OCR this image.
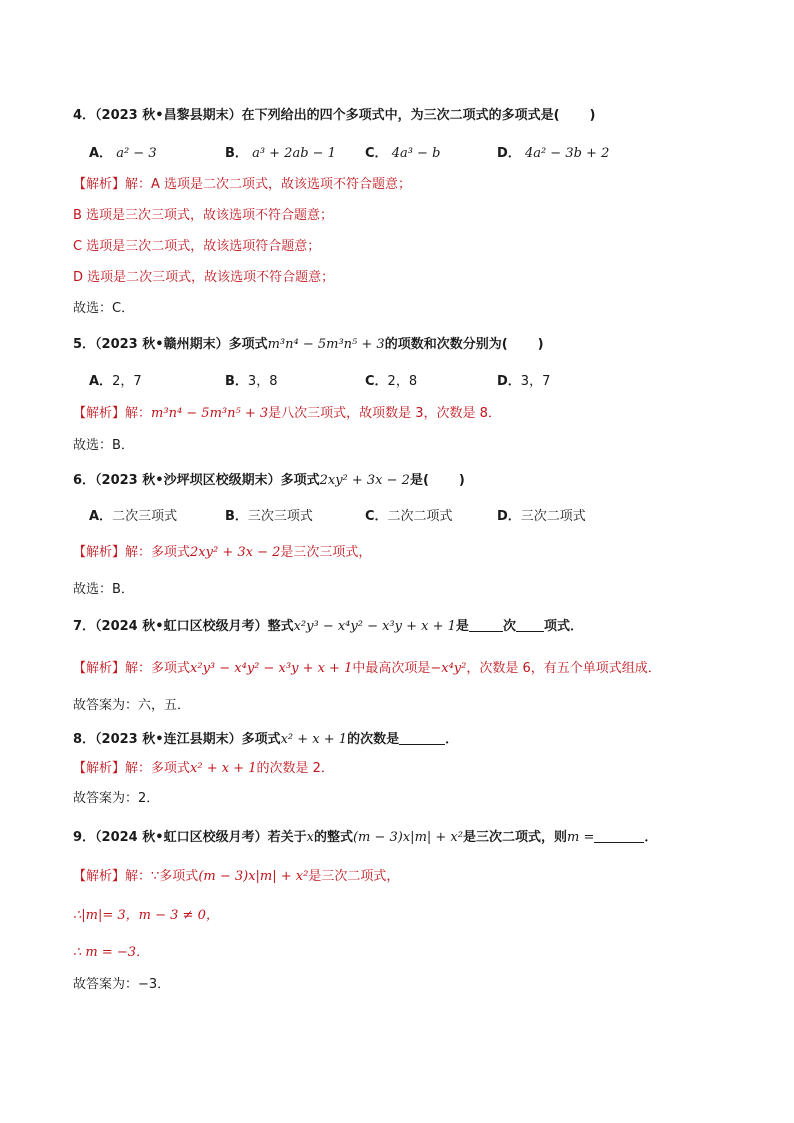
4．（2023 秋•昌黎县期末）在下列给出的四个多项式中，为三次二项式的多项式是( )
A． a² − 3	B． a³ + 2ab − 1 C． 4a³ − b	D． 4a² − 3b + 2
【解析】解：A 选项是二次二项式，故该选项不符合题意；
B 选项是三次三项式，故该选项不符合题意；
C 选项是三次二项式，故该选项符合题意；
D 选项是二次三项式，故该选项不符合题意；
故选：C．
5．（2023 秋•赣州期末）多项式m³n⁴ − 5m³n⁵ + 3的项数和次数分别为( )
A．2，7	B．3，8	C．2，8	D．3，7
【解析】解：m³n⁴ − 5m³n⁵ + 3是八次三项式，故项数是 3，次数是 8．
故选：B．
6．（2023 秋•沙坪坝区校级期末）多项式2xy² + 3x − 2是( )
A．二次三项式	B．三次三项式	C．二次二项式	D．三次二项式
【解析】解：多项式2xy² + 3x − 2是三次三项式，
故选：B．
7．（2024 秋•虹口区校级月考）整式x²y³ − x⁴y² − x³y + x + 1是	次 项式．
【解析】解：多项式x²y³ − x⁴y² − x³y + x + 1中最高次项是−x⁴y²，次数是 6，有五个单项式组成．
故答案为：六，五．
8．（2023 秋•连江县期末）多项式x² + x + 1的次数是	．
【解析】解：多项式x² + x + 1的次数是 2．
故答案为：2．
9．（2024 秋•虹口区校级月考）若关于x的整式(m − 3)x|m| + x²是三次二项式，则m =	．
【解析】解：∵多项式(m − 3)x|m| + x²是三次二项式，
∴|m|= 3，m − 3 ≠ 0，
∴ m = −3．
故答案为：−3．
